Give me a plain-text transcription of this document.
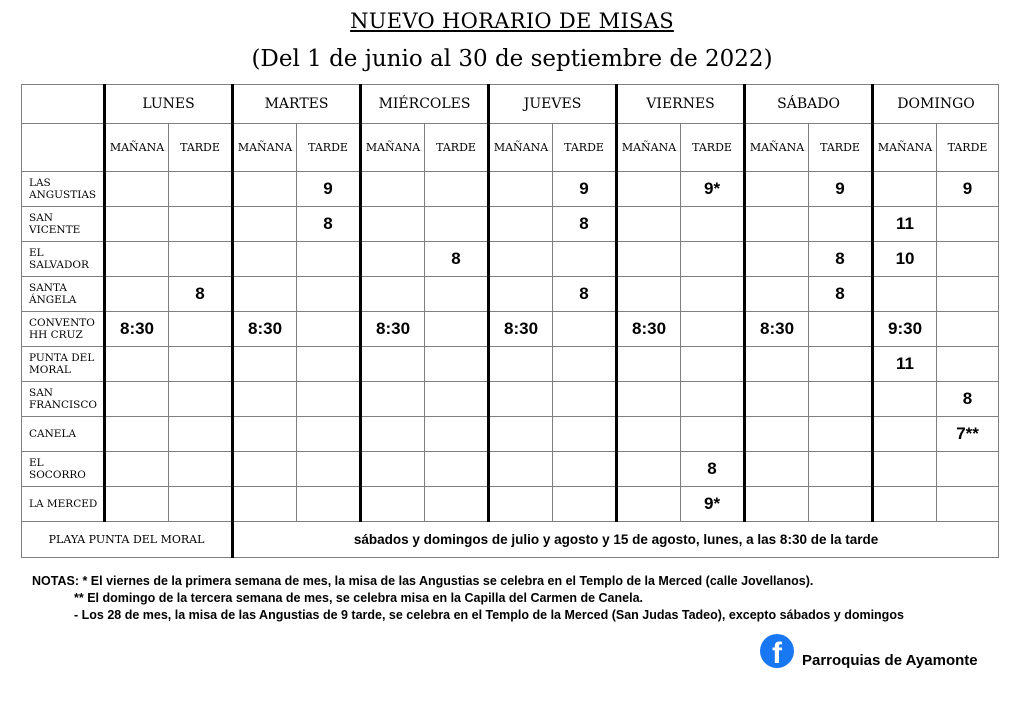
NUEVO HORARIO DE MISAS
(Del 1 de junio al 30 de septiembre de 2022)
	LUNES		MARTES		MIÉRCOLES		JUEVES		VIERNES		SÁBADO		DOMINGO	
	MAÑANA	TARDE	MAÑANA	TARDE	MAÑANA	TARDE	MAÑANA	TARDE	MAÑANA	TARDE	MAÑANA	TARDE	MAÑANA	TARDE

LAS
ANGUSTIAS				9				9		9*		9		9

SAN VICENTE				8				8					11	

EL
SALVADOR						8						8	10	

SANTA
ÁNGELA		8						8				8		

CONVENTO
HH CRUZ	8:30		8:30		8:30		8:30		8:30		8:30		9:30	

PUNTA DEL
MORAL													11	

SAN
FRANCISCO														8

CANELA														7**

EL SOCORRO										8				

LA MERCED										9*				
PLAYA PUNTA DEL MORAL			sábados y domingos de julio y agosto y 15 de agosto, lunes, a las 8:30 de la tarde											
NOTAS: * El viernes de la primera semana de mes, la misa de las Angustias se celebra en el Templo de la Merced (calle Jovellanos).
** El domingo de la tercera semana de mes, se celebra misa en la Capilla del Carmen de Canela.
- Los 28 de mes, la misa de las Angustias de 9 tarde, se celebra en el Templo de la Merced (San Judas Tadeo), excepto sábados y domingos
f	Parroquias de Ayamonte
